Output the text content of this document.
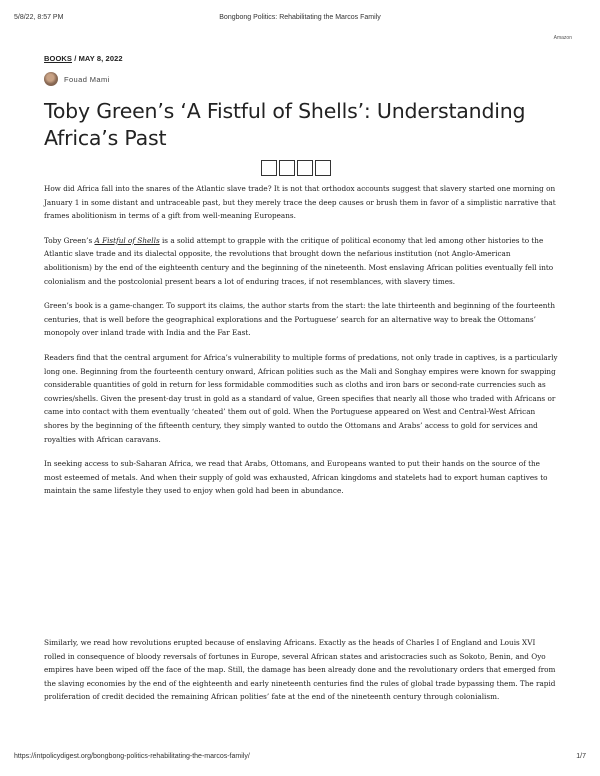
5/8/22, 8:57 PM	Bongbong Politics: Rehabilitating the Marcos Family
Amazon
BOOKS / MAY 8, 2022
Fouad Mami
Toby Green’s ‘A Fistful of Shells’: Understanding Africa’s Past

How did Africa fall into the snares of the Atlantic slave trade? It is not that orthodox accounts suggest that slavery started one morning on January 1 in some distant and untraceable past, but they merely trace the deep causes or brush them in favor of a simplistic narrative that frames abolitionism in terms of a gift from well-meaning Europeans.

Toby Green’s A Fistful of Shells is a solid attempt to grapple with the critique of political economy that led among other histories to the Atlantic slave trade and its dialectal opposite, the revolutions that brought down the nefarious institution (not Anglo-American abolitionism) by the end of the eighteenth century and the beginning of the nineteenth. Most enslaving African polities eventually fell into colonialism and the postcolonial present bears a lot of enduring traces, if not resemblances, with slavery times.

Green’s book is a game-changer. To support its claims, the author starts from the start: the late thirteenth and beginning of the fourteenth centuries, that is well before the geographical explorations and the Portuguese’ search for an alternative way to break the Ottomans’ monopoly over inland trade with India and the Far East.

Readers find that the central argument for Africa’s vulnerability to multiple forms of predations, not only trade in captives, is a particularly long one. Beginning from the fourteenth century onward, African polities such as the Mali and Songhay empires were known for swapping considerable quantities of gold in return for less formidable commodities such as cloths and iron bars or second-rate currencies such as cowries/shells. Given the present-day trust in gold as a standard of value, Green specifies that nearly all those who traded with Africans or came into contact with them eventually ‘cheated’ them out of gold. When the Portuguese appeared on West and Central-West African shores by the beginning of the fifteenth century, they simply wanted to outdo the Ottomans and Arabs’ access to gold for services and royalties with African caravans.

In seeking access to sub-Saharan Africa, we read that Arabs, Ottomans, and Europeans wanted to put their hands on the source of the most esteemed of metals. And when their supply of gold was exhausted, African kingdoms and statelets had to export human captives to maintain the same lifestyle they used to enjoy when gold had been in abundance.

Similarly, we read how revolutions erupted because of enslaving Africans. Exactly as the heads of Charles I of England and Louis XVI rolled in consequence of bloody reversals of fortunes in Europe, several African states and aristocracies such as Sokoto, Benin, and Oyo empires have been wiped off the face of the map. Still, the damage has been already done and the revolutionary orders that emerged from the slaving economies by the end of the eighteenth and early nineteenth centuries find the rules of global trade bypassing them. The rapid proliferation of credit decided the remaining African polities’ fate at the end of the nineteenth century through colonialism.

https://intpolicydigest.org/bongbong-politics-rehabilitating-the-marcos-family/	1/7
